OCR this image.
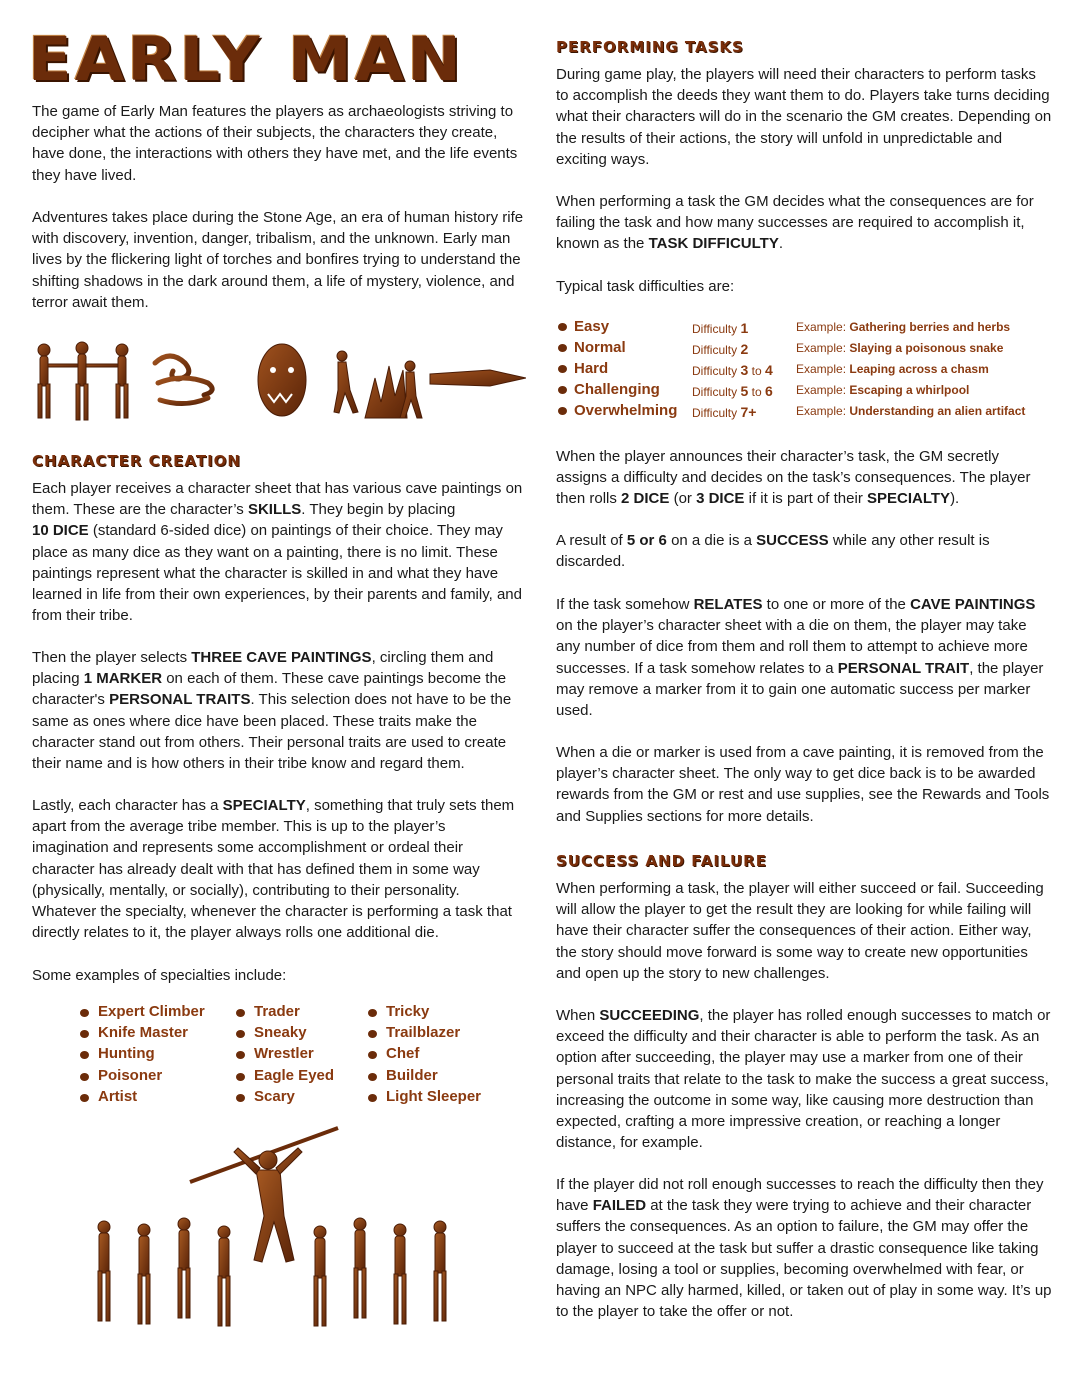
EARLY MAN

The game of Early Man features the players as archaeologists striving to decipher what the actions of their subjects, the characters they create, have done, the interactions with others they have met, and the life events they have lived.

Adventures takes place during the Stone Age, an era of human history rife with discovery, invention, danger, tribalism, and the unknown. Early man lives by the flickering light of torches and bonfires trying to understand the shifting shadows in the dark around them, a life of mystery, violence, and terror await them.

CHARACTER CREATION

Each player receives a character sheet that has various cave paintings on them. These are the character’s SKILLS. They begin by placing
10 DICE (standard 6-sided dice) on paintings of their choice. They may place as many dice as they want on a painting, there is no limit. These paintings represent what the character is skilled in and what they have learned in life from their own experiences, by their parents and family, and from their tribe.

Then the player selects THREE CAVE PAINTINGS, circling them and placing 1 MARKER on each of them. These cave paintings become the character's PERSONAL TRAITS. This selection does not have to be the same as ones where dice have been placed. These traits make the character stand out from others. Their personal traits are used to create their name and is how others in their tribe know and regard them.

Lastly, each character has a SPECIALTY, something that truly sets them apart from the average tribe member. This is up to the player’s imagination and represents some accomplishment or ordeal their character has already dealt with that has defined them in some way (physically, mentally, or socially), contributing to their personality. Whatever the specialty, whenever the character is performing a task that directly relates to it, the player always rolls one additional die.

Some examples of specialties include:

Expert Climber
Knife Master
Hunting
Poisoner
Artist
Trader
Sneaky
Wrestler
Eagle Eyed
Scary
Tricky
Trailblazer
Chef
Builder
Light Sleeper
PERFORMING TASKS

During game play, the players will need their characters to perform tasks to accomplish the deeds they want them to do. Players take turns deciding what their characters will do in the scenario the GM creates. Depending on the results of their actions, the story will unfold in unpredictable and exciting ways.

When performing a task the GM decides what the consequences are for failing the task and how many successes are required to accomplish it, known as the TASK DIFFICULTY.

Typical task difficulties are:

Easy	Difficulty 1	Example: Gathering berries and herbs
Normal	Difficulty 2	Example: Slaying a poisonous snake
Hard	Difficulty 3 to 4 Example: Leaping across a chasm
Challenging	Difficulty 5 to 6 Example: Escaping a whirlpool
Overwhelming Difficulty 7+	Example: Understanding an alien artifact

When the player announces their character’s task, the GM secretly assigns a difficulty and decides on the task’s consequences. The player then rolls 2 DICE (or 3 DICE if it is part of their SPECIALTY).

A result of 5 or 6 on a die is a SUCCESS while any other result is discarded.

If the task somehow RELATES to one or more of the CAVE PAINTINGS on the player’s character sheet with a die on them, the player may take any number of dice from them and roll them to attempt to achieve more successes. If a task somehow relates to a PERSONAL TRAIT, the player may remove a marker from it to gain one automatic success per marker used.

When a die or marker is used from a cave painting, it is removed from the player’s character sheet. The only way to get dice back is to be awarded rewards from the GM or rest and use supplies, see the Rewards and Tools and Supplies sections for more details.

SUCCESS AND FAILURE

When performing a task, the player will either succeed or fail. Succeeding will allow the player to get the result they are looking for while failing will have their character suffer the consequences of their action. Either way, the story should move forward is some way to create new opportunities and open up the story to new challenges.

When SUCCEEDING, the player has rolled enough successes to match or exceed the difficulty and their character is able to perform the task. As an option after succeeding, the player may use a marker from one of their personal traits that relate to the task to make the success a great success, increasing the outcome in some way, like causing more destruction than expected, crafting a more impressive creation, or reaching a longer distance, for example.

If the player did not roll enough successes to reach the difficulty then they have FAILED at the task they were trying to achieve and their character suffers the consequences. As an option to failure, the GM may offer the player to succeed at the task but suffer a drastic consequence like taking damage, losing a tool or supplies, becoming overwhelmed with fear, or having an NPC ally harmed, killed, or taken out of play in some way. It’s up to the player to take the offer or not.
